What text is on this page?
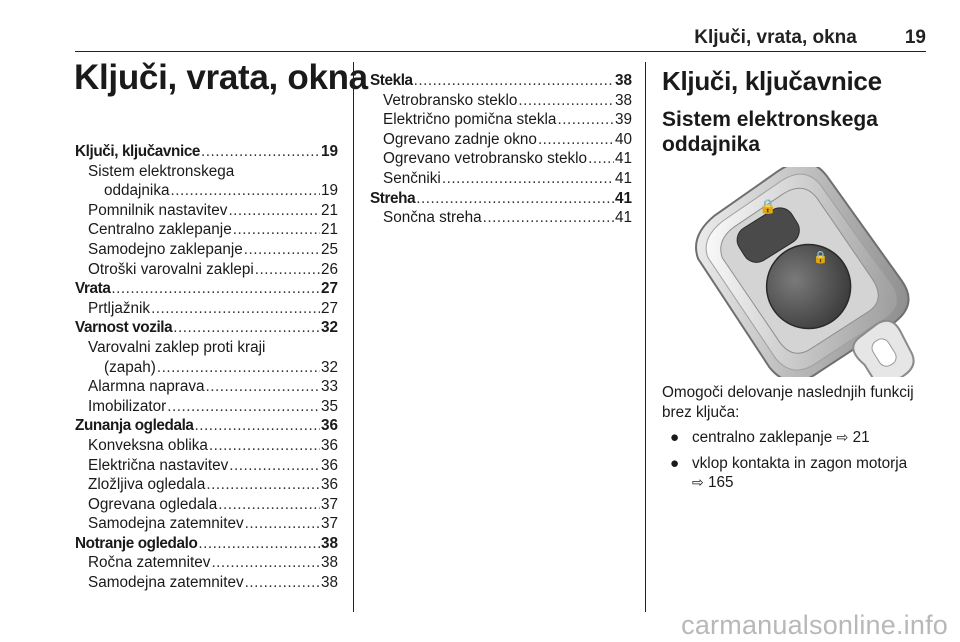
Ključi, vrata, okna	19
Ključi, vrata, okna
Ključi, ključavnice .....	19
Sistem elektronskega
oddajnika .....	19
Pomnilnik nastavitev .....	21
Centralno zaklepanje .....	21
Samodejno zaklepanje .....	25
Otroški varovalni zaklepi .....	26
Vrata .....	27
Prtljažnik .....	27
Varnost vozila .....	32
Varovalni zaklep proti kraji
(zapah) .....	32
Alarmna naprava .....	33
Imobilizator .....	35
Zunanja ogledala .....	36
Konveksna oblika .....	36
Električna nastavitev .....	36
Zložljiva ogledala .....	36
Ogrevana ogledala .....	37
Samodejna zatemnitev .....	37
Notranje ogledalo .....	38
Ročna zatemnitev .....	38
Samodejna zatemnitev .....	38
Stekla .....	38
Vetrobransko steklo .....	38
Električno pomična stekla .....	39
Ogrevano zadnje okno .....	40
Ogrevano vetrobransko steklo ..... 41
Senčniki .....	41
Streha .....	41
Sončna streha .....	41
Ključi, ključavnice
Sistem elektronskega oddajnika
🔒
🔒

Omogoči delovanje naslednjih funkcij brez ključa:

● centralno zaklepanje ⇨ 21
● vklop kontakta in zagon motorja
⇨ 165
carmanualsonline.info
